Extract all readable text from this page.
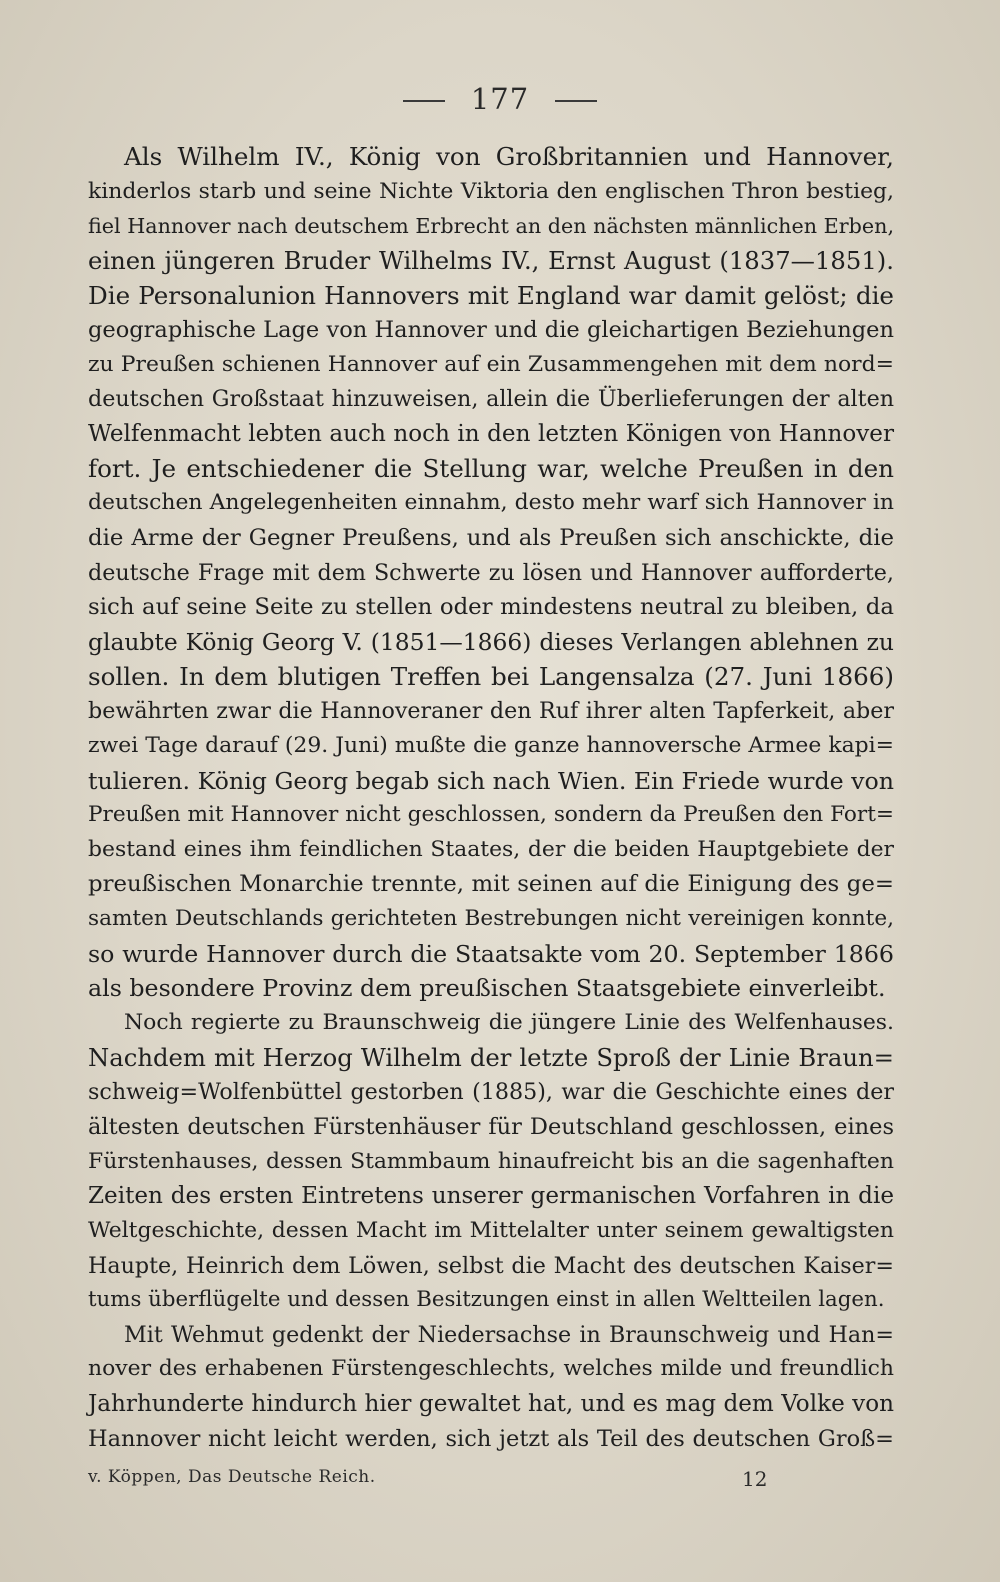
177
Als Wilhelm IV., König von Großbritannien und Hannover,
kinderlos starb und seine Nichte Viktoria den englischen Thron bestieg,
fiel Hannover nach deutschem Erbrecht an den nächsten männlichen Erben,
einen jüngeren Bruder Wilhelms IV., Ernst August (1837—1851).
Die Personalunion Hannovers mit England war damit gelöst; die
geographische Lage von Hannover und die gleichartigen Beziehungen
zu Preußen schienen Hannover auf ein Zusammengehen mit dem nord=
deutschen Großstaat hinzuweisen, allein die Überlieferungen der alten
Welfenmacht lebten auch noch in den letzten Königen von Hannover
fort. Je entschiedener die Stellung war, welche Preußen in den
deutschen Angelegenheiten einnahm, desto mehr warf sich Hannover in
die Arme der Gegner Preußens, und als Preußen sich anschickte, die
deutsche Frage mit dem Schwerte zu lösen und Hannover aufforderte,
sich auf seine Seite zu stellen oder mindestens neutral zu bleiben, da
glaubte König Georg V. (1851—1866) dieses Verlangen ablehnen zu
sollen. In dem blutigen Treffen bei Langensalza (27. Juni 1866)
bewährten zwar die Hannoveraner den Ruf ihrer alten Tapferkeit, aber
zwei Tage darauf (29. Juni) mußte die ganze hannoversche Armee kapi=
tulieren. König Georg begab sich nach Wien. Ein Friede wurde von
Preußen mit Hannover nicht geschlossen, sondern da Preußen den Fort=
bestand eines ihm feindlichen Staates, der die beiden Hauptgebiete der
preußischen Monarchie trennte, mit seinen auf die Einigung des ge=
samten Deutschlands gerichteten Bestrebungen nicht vereinigen konnte,
so wurde Hannover durch die Staatsakte vom 20. September 1866
als besondere Provinz dem preußischen Staatsgebiete einverleibt.
Noch regierte zu Braunschweig die jüngere Linie des Welfenhauses.
Nachdem mit Herzog Wilhelm der letzte Sproß der Linie Braun=
schweig=Wolfenbüttel gestorben (1885), war die Geschichte eines der
ältesten deutschen Fürstenhäuser für Deutschland geschlossen, eines
Fürstenhauses, dessen Stammbaum hinaufreicht bis an die sagenhaften
Zeiten des ersten Eintretens unserer germanischen Vorfahren in die
Weltgeschichte, dessen Macht im Mittelalter unter seinem gewaltigsten
Haupte, Heinrich dem Löwen, selbst die Macht des deutschen Kaiser=
tums überflügelte und dessen Besitzungen einst in allen Weltteilen lagen.
Mit Wehmut gedenkt der Niedersachse in Braunschweig und Han=
nover des erhabenen Fürstengeschlechts, welches milde und freundlich
Jahrhunderte hindurch hier gewaltet hat, und es mag dem Volke von
Hannover nicht leicht werden, sich jetzt als Teil des deutschen Groß=
v. Köppen, Das Deutsche Reich.	12
